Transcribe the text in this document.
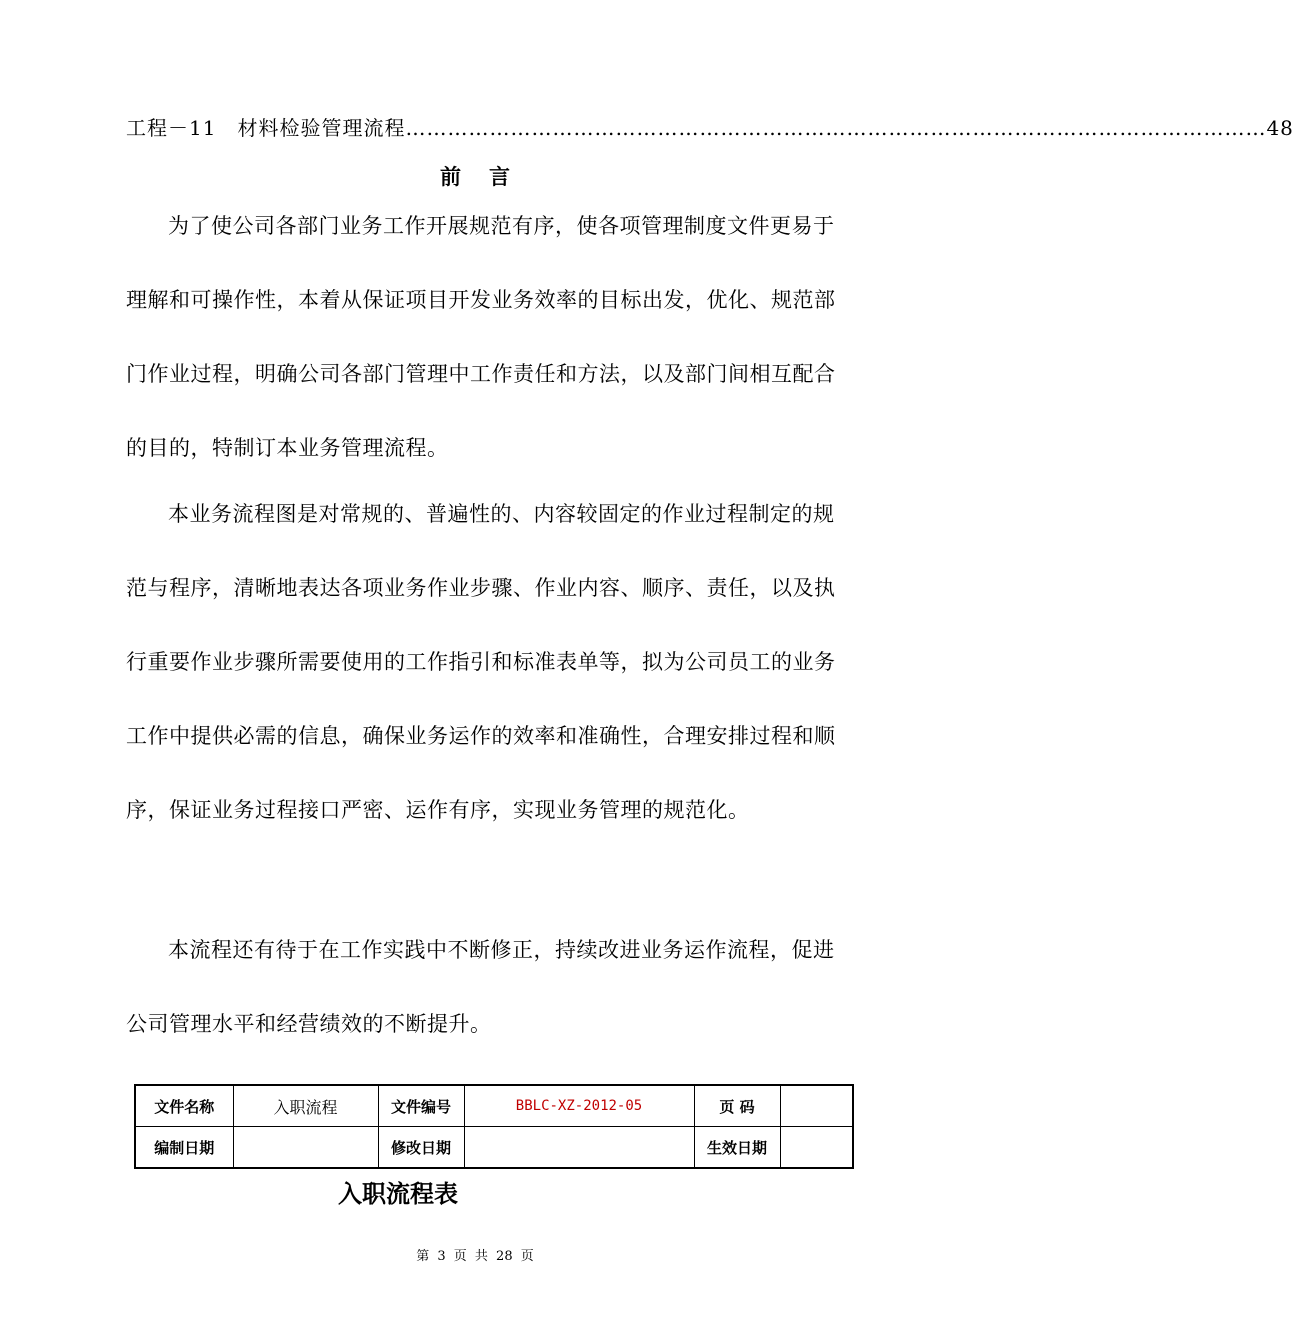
工程－11　材料检验管理流程 …………………………………………………………………………………………………………… 48
前言

为了使公司各部门业务工作开展规范有序，使各项管理制度文件更易于理解和可操作性，本着从保证项目开发业务效率的目标出发，优化、规范部门作业过程，明确公司各部门管理中工作责任和方法，以及部门间相互配合的目的，特制订本业务管理流程。

本业务流程图是对常规的、普遍性的、内容较固定的作业过程制定的规范与程序，清晰地表达各项业务作业步骤、作业内容、顺序、责任，以及执行重要作业步骤所需要使用的工作指引和标准表单等，拟为公司员工的业务工作中提供必需的信息，确保业务运作的效率和准确性，合理安排过程和顺序，保证业务过程接口严密、运作有序，实现业务管理的规范化。

本流程还有待于在工作实践中不断修正，持续改进业务运作流程，促进公司管理水平和经营绩效的不断提升。

文件名称	入职流程	文件编号	BBLC-XZ-2012-05	页 码	
编制日期		修改日期		生效日期	
入职流程表
第 3 页 共 28 页
